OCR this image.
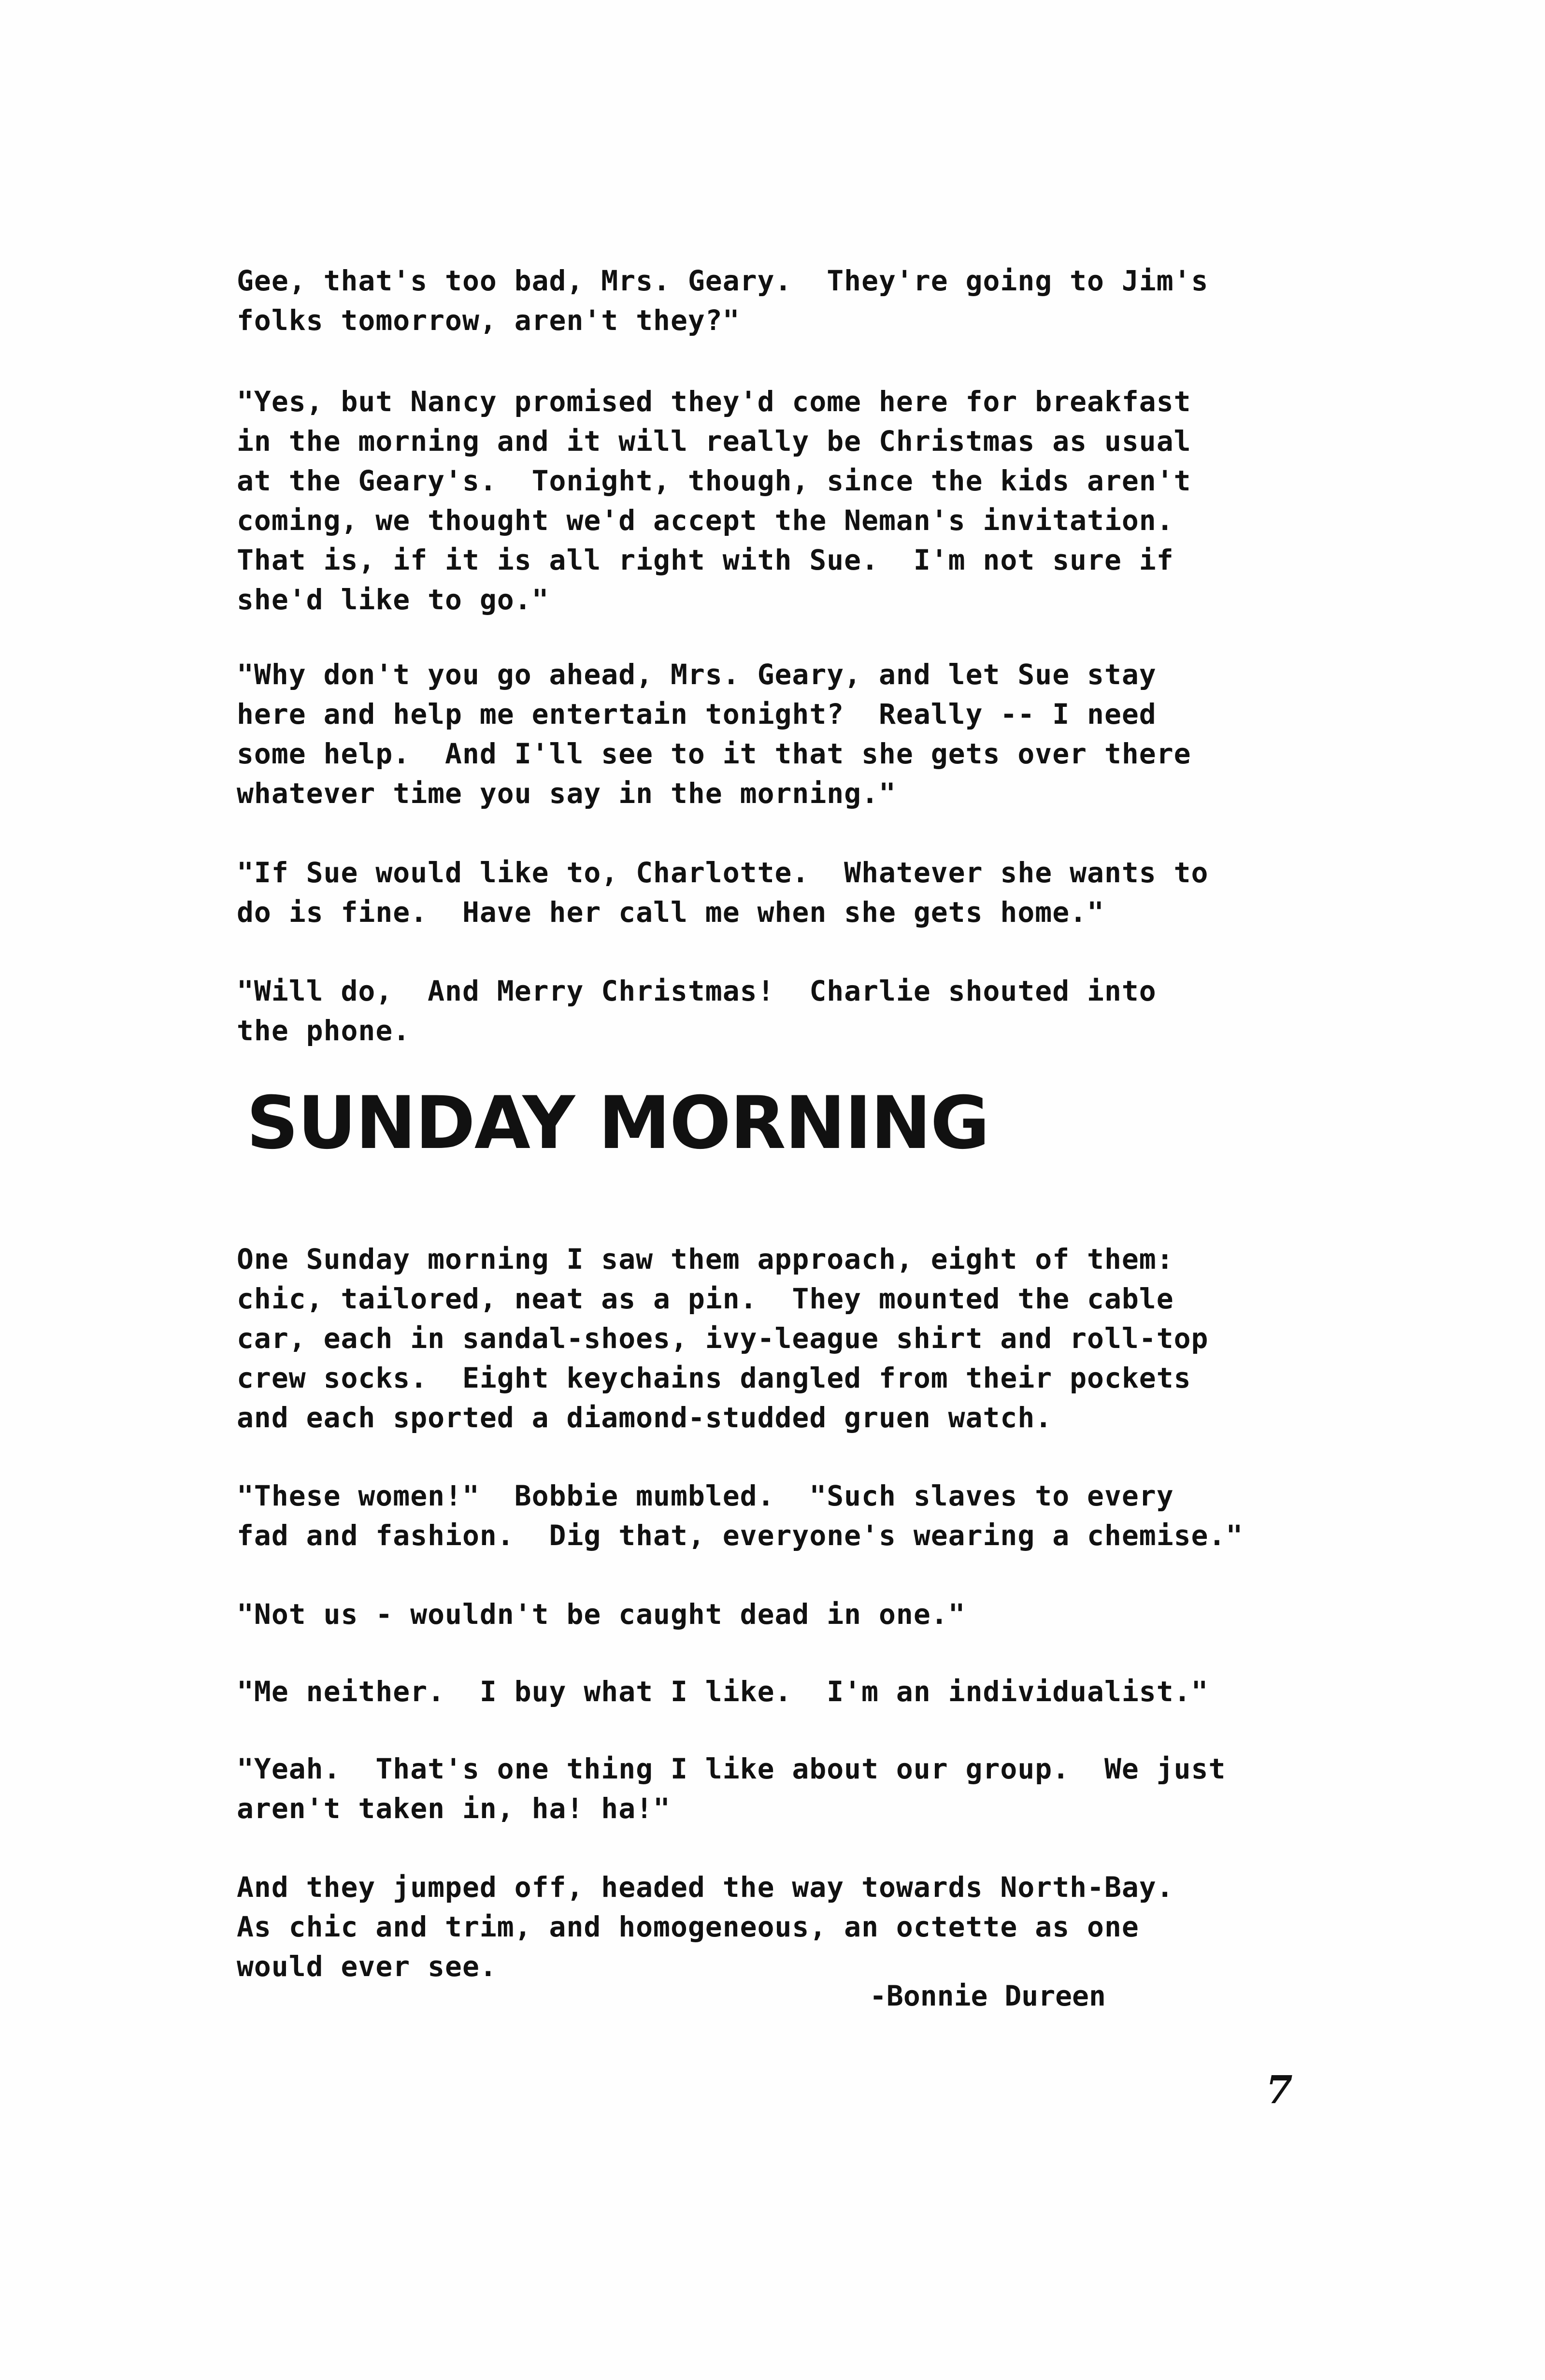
Gee, that's too bad, Mrs. Geary.  They're going to Jim's
folks tomorrow, aren't they?"

"Yes, but Nancy promised they'd come here for breakfast
in the morning and it will really be Christmas as usual
at the Geary's.  Tonight, though, since the kids aren't
coming, we thought we'd accept the Neman's invitation.
That is, if it is all right with Sue.  I'm not sure if
she'd like to go."

"Why don't you go ahead, Mrs. Geary, and let Sue stay
here and help me entertain tonight?  Really -- I need
some help.  And I'll see to it that she gets over there
whatever time you say in the morning."

"If Sue would like to, Charlotte.  Whatever she wants to
do is fine.  Have her call me when she gets home."

"Will do,  And Merry Christmas!  Charlie shouted into
the phone.

SUNDAY MORNING

One Sunday morning I saw them approach, eight of them:
chic, tailored, neat as a pin.  They mounted the cable
car, each in sandal-shoes, ivy-league shirt and roll-top
crew socks.  Eight keychains dangled from their pockets
and each sported a diamond-studded gruen watch.

"These women!"  Bobbie mumbled.  "Such slaves to every
fad and fashion.  Dig that, everyone's wearing a chemise."

"Not us - wouldn't be caught dead in one."

"Me neither.  I buy what I like.  I'm an individualist."

"Yeah.  That's one thing I like about our group.  We just
aren't taken in, ha! ha!"

And they jumped off, headed the way towards North-Bay.
As chic and trim, and homogeneous, an octette as one
would ever see.

-Bonnie Dureen

7
